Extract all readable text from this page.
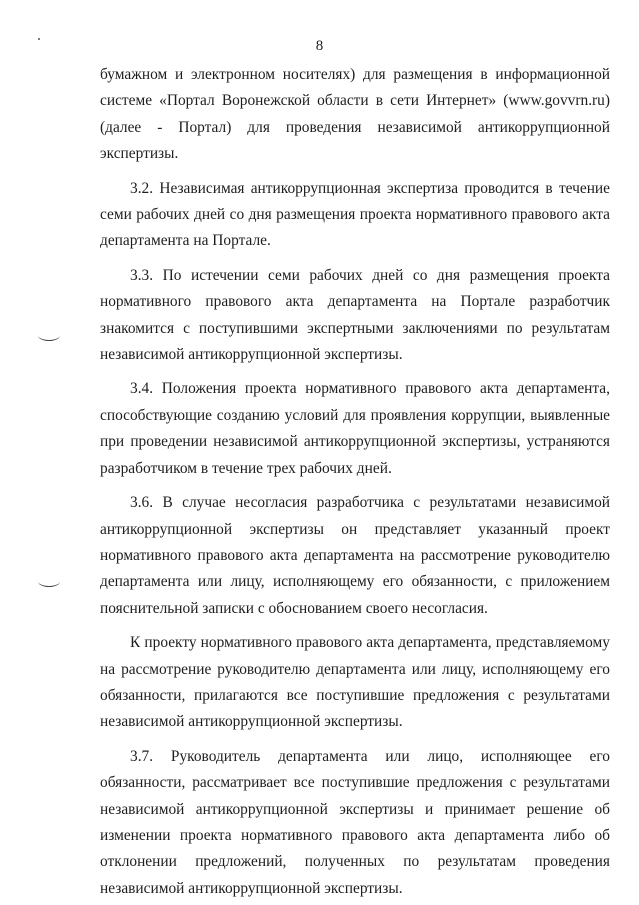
8

бумажном и электронном носителях) для размещения в информационной системе «Портал Воронежской области в сети Интернет» (www.govvrn.ru) (далее - Портал) для проведения независимой антикоррупционной экспертизы.

3.2. Независимая антикоррупционная экспертиза проводится в течение семи рабочих дней со дня размещения проекта нормативного правового акта департамента на Портале.

3.3. По истечении семи рабочих дней со дня размещения проекта нормативного правового акта департамента на Портале разработчик знакомится с поступившими экспертными заключениями по результатам независимой антикоррупционной экспертизы.

3.4. Положения проекта нормативного правового акта департамента, способствующие созданию условий для проявления коррупции, выявленные при проведении независимой антикоррупционной экспертизы, устраняются разработчиком в течение трех рабочих дней.

3.6. В случае несогласия разработчика с результатами независимой антикоррупционной экспертизы он представляет указанный проект нормативного правового акта департамента на рассмотрение руководителю департамента или лицу, исполняющему его обязанности, с приложением пояснительной записки с обоснованием своего несогласия.

К проекту нормативного правового акта департамента, представляемому на рассмотрение руководителю департамента или лицу, исполняющему его обязанности, прилагаются все поступившие предложения с результатами независимой антикоррупционной экспертизы.

3.7. Руководитель департамента или лицо, исполняющее его обязанности, рассматривает все поступившие предложения с результатами независимой антикоррупционной экспертизы и принимает решение об изменении проекта нормативного правового акта департамента либо об отклонении предложений, полученных по результатам проведения независимой антикоррупционной экспертизы.
